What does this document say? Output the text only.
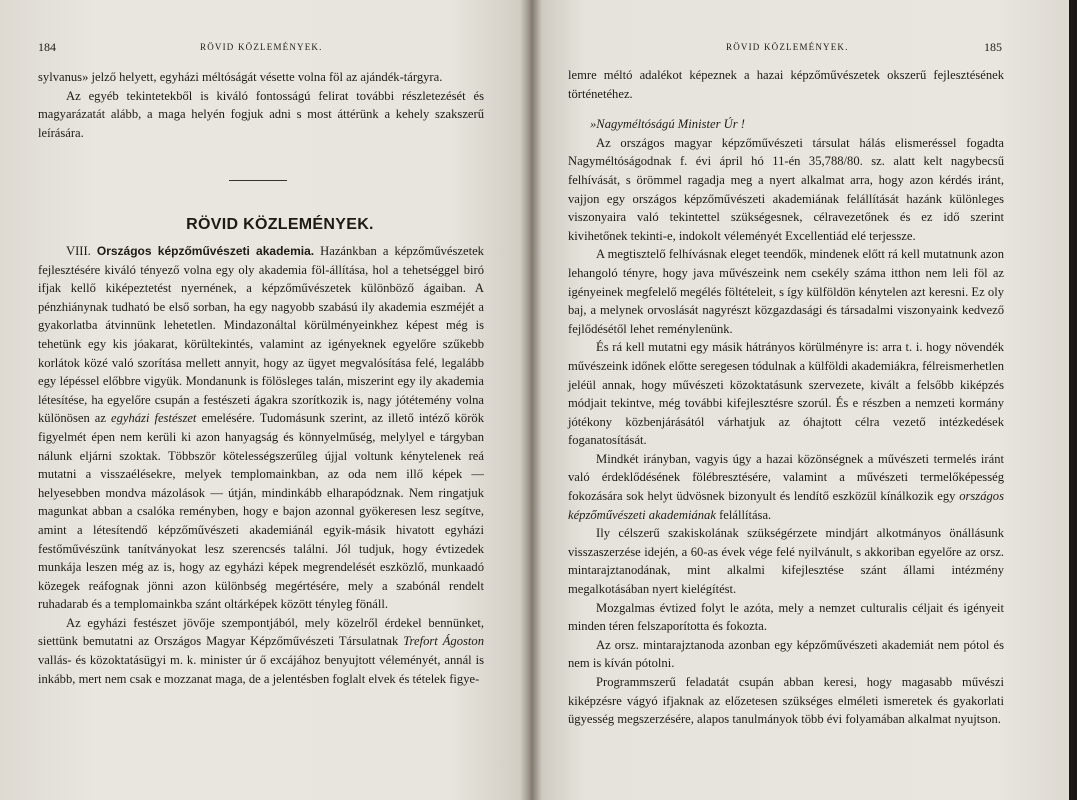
184	RÖVID KÖZLEMÉNYEK.

sylvanus» jelző helyett, egyházi méltóságát vésette volna föl az ajándék-tárgyra.

Az egyéb tekintetekből is kiváló fontosságú felirat további részletezését és magyarázatát alább, a maga helyén fogjuk adni s most áttérünk a kehely szakszerű leírására.

RÖVID KÖZLEMÉNYEK.

VIII. Országos képzőművészeti akademia. Hazánkban a képzőművészetek fejlesztésére kiváló tényező volna egy oly akademia föl-állítása, hol a tehetséggel biró ifjak kellő kiképeztetést nyernének, a képzőművészetek különböző ágaiban. A pénzhiánynak tudható be első sorban, ha egy nagyobb szabású ily akademia eszméjét a gyakorlatba átvinnünk lehetetlen. Mindazonáltal körülményeinkhez képest még is tehetünk egy kis jóakarat, körültekintés, valamint az igényeknek egyelőre szűkebb korlátok közé való szorítása mellett annyit, hogy az ügyet megvalósítása felé, legalább egy lépéssel előbbre vigyük. Mondanunk is fölösleges talán, miszerint egy ily akademia létesítése, ha egyelőre csupán a festészeti ágakra szorítkozik is, nagy jótétemény volna különösen az egyházi festészet emelésére. Tudomásunk szerint, az illető intéző körök figyelmét épen nem kerüli ki azon hanyagság és könnyelműség, melylyel e tárgyban nálunk eljárni szoktak. Többször kötelességszerűleg újjal voltunk kénytelenek reá mutatni a visszaélésekre, melyek templomainkban, az oda nem illő képek — helyesebben mondva mázolások — útján, mindinkább elharapódznak. Nem ringatjuk magunkat abban a csalóka reményben, hogy e bajon azonnal gyökeresen lesz segítve, amint a létesítendő képzőművészeti akademiánál egyik-másik hivatott egyházi festőművészünk tanítványokat lesz szerencsés találni. Jól tudjuk, hogy évtizedek munkája leszen még az is, hogy az egyházi képek megrendelését eszközlő, munkaadó közegek reáfognak jönni azon különbség megértésére, mely a szabónál rendelt ruhadarab és a templomainkba szánt oltárképek között tényleg fönáll.

Az egyházi festészet jövője szempontjából, mely közelről érdekel bennünket, siettünk bemutatni az Országos Magyar Képzőművészeti Társulatnak Trefort Ágoston vallás- és közoktatásügyi m. k. minister úr ő excájához benyujtott véleményét, annál is inkább, mert nem csak e mozzanat maga, de a jelentésben foglalt elvek és tételek figye-

RÖVID KÖZLEMÉNYEK.	185

lemre méltó adalékot képeznek a hazai képzőművészetek okszerű fejlesztésének történetéhez.

»Nagyméltóságú Minister Úr !

Az országos magyar képzőművészeti társulat hálás elismeréssel fogadta Nagyméltóságodnak f. évi ápril hó 11-én 35,788/80. sz. alatt kelt nagybecsű felhívását, s örömmel ragadja meg a nyert alkalmat arra, hogy azon kérdés iránt, vajjon egy országos képzőművészeti akademiának felállítását hazánk különleges viszonyaira való tekintettel szükségesnek, célravezetőnek és ez idő szerint kivihetőnek tekinti-e, indokolt véleményét Excellentiád elé terjessze.

A megtisztelő felhívásnak eleget teendők, mindenek előtt rá kell mutatnunk azon lehangoló tényre, hogy java művészeink nem csekély száma itthon nem leli föl az igényeinek megfelelő megélés föltételeit, s így külföldön kénytelen azt keresni. Ez oly baj, a melynek orvoslását nagyrészt közgazdasági és társadalmi viszonyaink kedvező fejlődésétől lehet reménylenünk.

És rá kell mutatni egy másik hátrányos körülményre is: arra t. i. hogy növendék művészeink időnek előtte seregesen tódulnak a külföldi akademiákra, félreismerhetlen jeléül annak, hogy művészeti közoktatásunk szervezete, kivált a felsőbb kiképzés módjait tekintve, még további kifejlesztésre szorúl. És e részben a nemzeti kormány jótékony közbenjárásától várhatjuk az óhajtott célra vezető intézkedések foganatosítását.

Mindkét irányban, vagyis úgy a hazai közönségnek a művészeti termelés iránt való érdeklődésének fölébresztésére, valamint a művészeti termelőképesség fokozására sok helyt üdvösnek bizonyult és lendítő eszközül kínálkozik egy országos képzőművészeti akademiának felállítása.

Ily célszerű szakiskolának szükségérzete mindjárt alkotmányos önállásunk visszaszerzése idején, a 60-as évek vége felé nyilvánult, s akkoriban egyelőre az orsz. mintarajztanodának, mint alkalmi kifejlesztése szánt állami intézmény megalkotásában nyert kielégítést.

Mozgalmas évtized folyt le azóta, mely a nemzet culturalis céljait és igényeit minden téren felszaporította és fokozta.

Az orsz. mintarajztanoda azonban egy képzőművészeti akademiát nem pótol és nem is kíván pótolni.

Programmszerű feladatát csupán abban keresi, hogy magasabb művészi kiképzésre vágyó ifjaknak az előzetesen szükséges elméleti ismeretek és gyakorlati ügyesség megszerzésére, alapos tanulmányok több évi folyamában alkalmat nyujtson.
